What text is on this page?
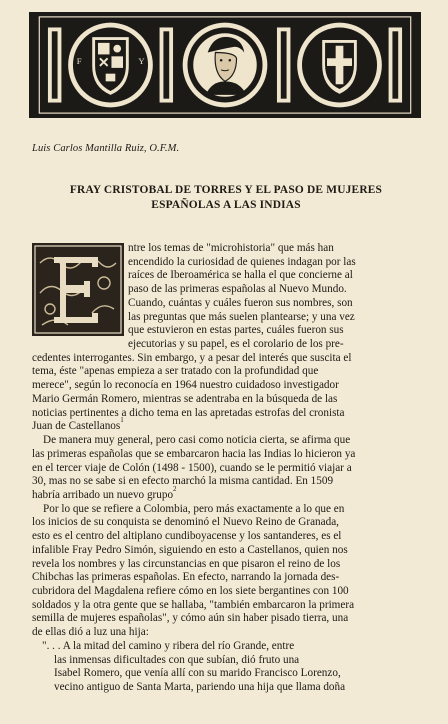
F	Y
Luis Carlos Mantilla Ruiz, O.F.M.
FRAY CRISTOBAL DE TORRES Y EL PASO DE MUJERES
ESPAÑOLAS A LAS INDIAS
E
ntre los temas de "microhistoria" que más han
encendido la curiosidad de quienes indagan por las
raíces de Iberoamérica se halla el que concierne al
paso de las primeras españolas al Nuevo Mundo.
Cuando, cuántas y cuáles fueron sus nombres, son
las preguntas que más suelen plantearse; y una vez
que estuvieron en estas partes, cuáles fueron sus
ejecutorias y su papel, es el corolario de los pre-
cedentes interrogantes. Sin embargo, y a pesar del interés que suscita el
tema, éste "apenas empieza a ser tratado con la profundidad que
merece", según lo reconocía en 1964 nuestro cuidadoso investigador
Mario Germán Romero, mientras se adentraba en la búsqueda de las
noticias pertinentes a dicho tema en las apretadas estrofas del cronista
Juan de Castellanos 1
De manera muy general, pero casi como noticia cierta, se afirma que
las primeras españolas que se embarcaron hacia las Indias lo hicieron ya
en el tercer viaje de Colón (1498 - 1500), cuando se le permitió viajar a
30, mas no se sabe si en efecto marchó la misma cantidad. En 1509
habría arribado un nuevo grupo 2
Por lo que se refiere a Colombia, pero más exactamente a lo que en
los inicios de su conquista se denominó el Nuevo Reino de Granada,
esto es el centro del altiplano cundiboyacense y los santanderes, es el
infalible Fray Pedro Simón, siguiendo en esto a Castellanos, quien nos
revela los nombres y las circunstancias en que pisaron el reino de los
Chibchas las primeras españolas. En efecto, narrando la jornada des-
cubridora del Magdalena refiere cómo en los siete bergantines con 100
soldados y la otra gente que se hallaba, "también embarcaron la primera
semilla de mujeres españolas", y cómo aún sin haber pisado tierra, una
de ellas dió a luz una hija:
". . . A la mitad del camino y ribera del río Grande, entre
las inmensas dificultades con que subían, dió fruto una
Isabel Romero, que venía allí con su marido Francisco Lorenzo,
vecino antiguo de Santa Marta, pariendo una hija que llama doña
